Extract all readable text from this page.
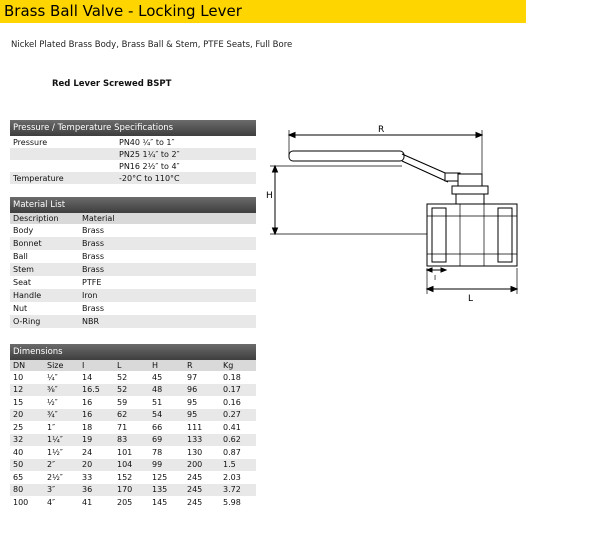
Brass Ball Valve - Locking Lever
Nickel Plated Brass Body, Brass Ball & Stem, PTFE Seats, Full Bore
Red Lever Screwed BSPT
Pressure / Temperature Specifications	
Pressure	PN40 ¼″ to 1″
	PN25 1¼″ to 2″
	PN16 2½″ to 4″
Temperature	-20°C to 110°C
Material List	
Description	Material
Body	Brass
Bonnet	Brass
Ball	Brass
Stem	Brass
Seat	PTFE
Handle	Iron
Nut	Brass
O-Ring	NBR
Dimensions						
DN	Size	I	L	H	R	Kg
10	¼″	14	52	45	97	0.18
12	⅜″	16.5	52	48	96	0.17
15	½″	16	59	51	95	0.16
20	¾″	16	62	54	95	0.27
25	1″	18	71	66	111	0.41
32	1¼″	19	83	69	133	0.62
40	1½″	24	101	78	130	0.87
50	2″	20	104	99	200	1.5
65	2½″	33	152	125	245	2.03
80	3″	36	170	135	245	3.72
100	4″	41	205	145	245	5.98
R
H
L
I
